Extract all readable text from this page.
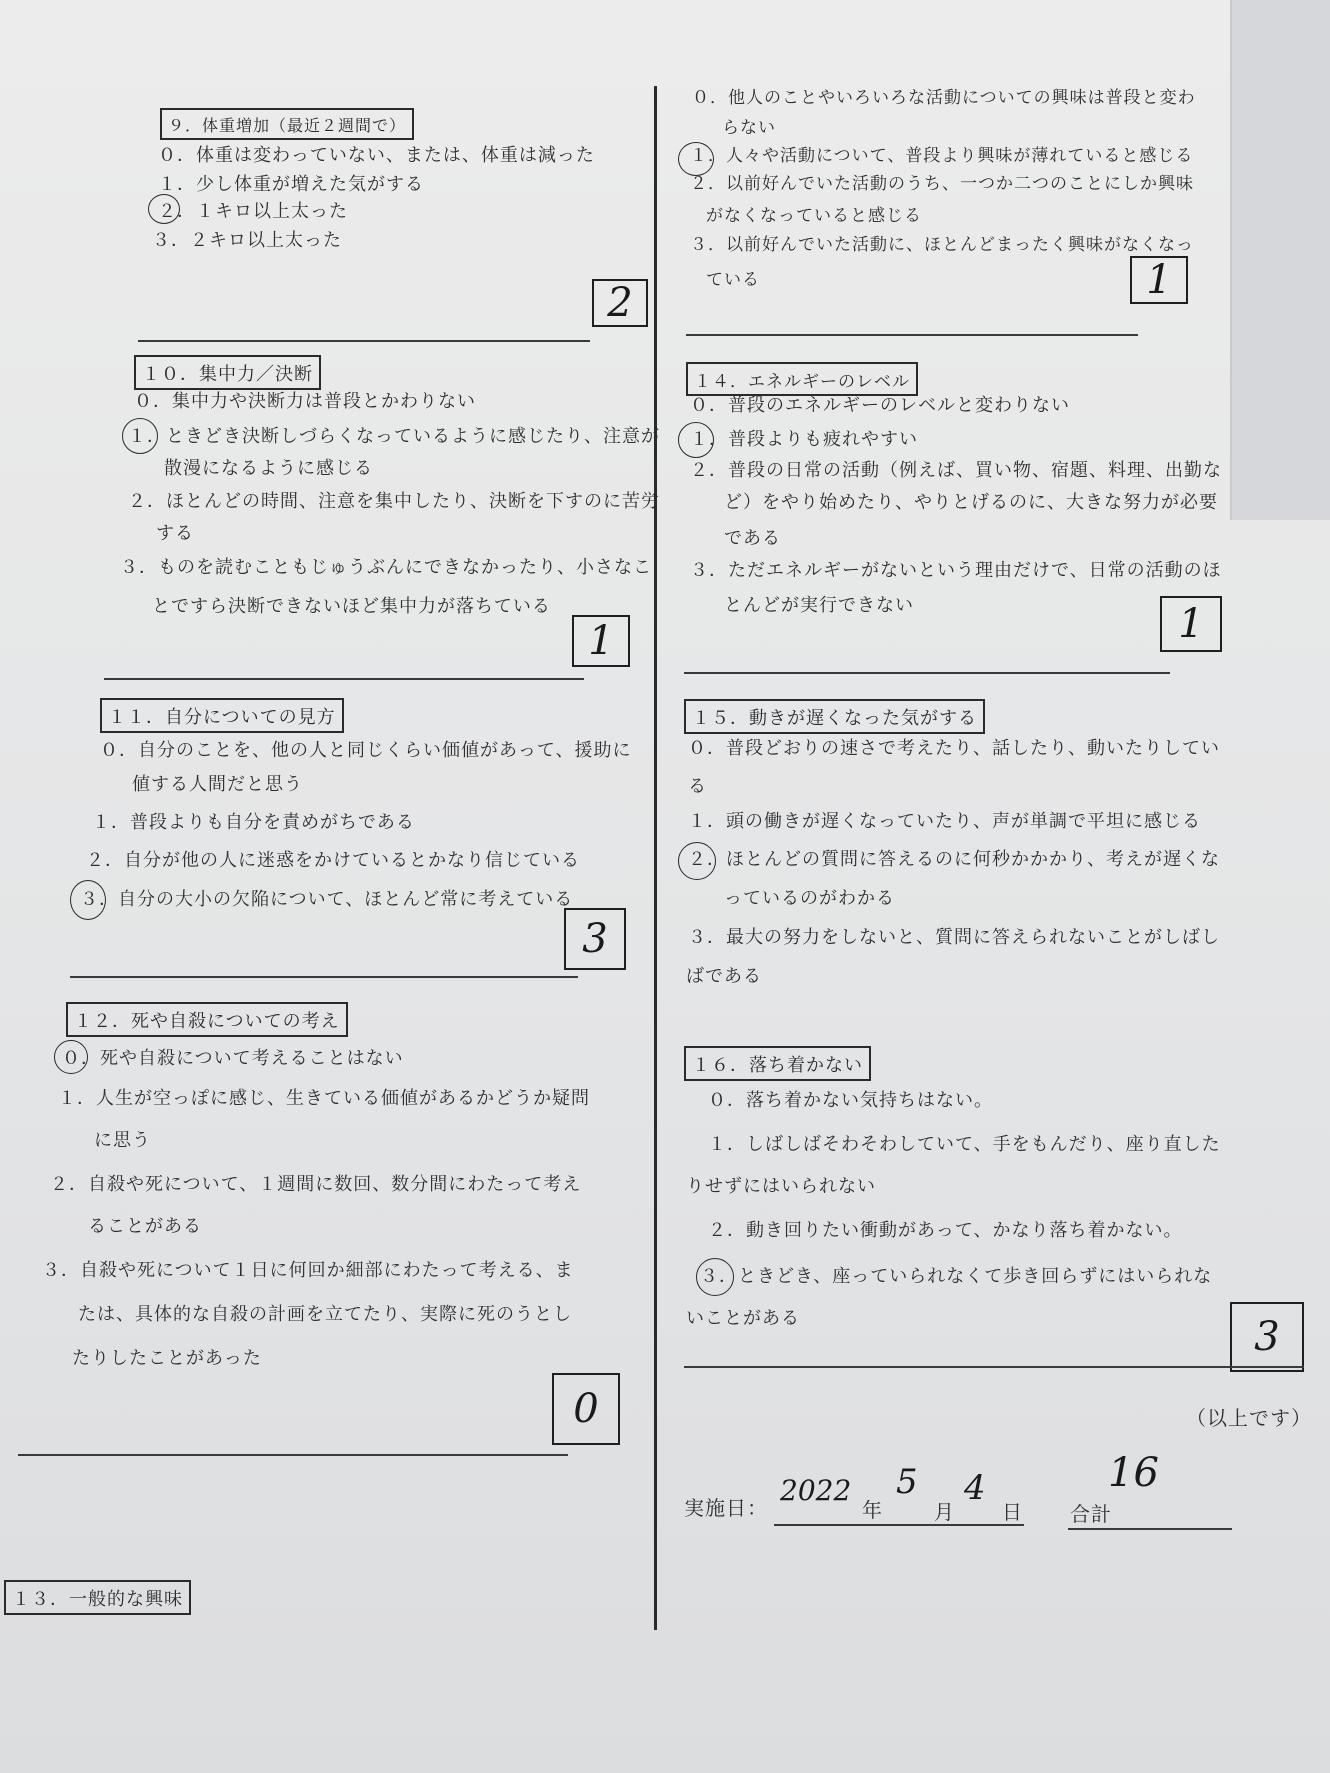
９．体重増加（最近２週間で）
０．体重は変わっていない、または、体重は減った
１．少し体重が増えた気がする
２．１キロ以上太った
３．２キロ以上太った
2
１０．集中力／決断
０．集中力や決断力は普段とかわりない
１．ときどき決断しづらくなっているように感じたり、注意が
散漫になるように感じる
２．ほとんどの時間、注意を集中したり、決断を下すのに苦労
する
３．ものを読むこともじゅうぶんにできなかったり、小さなこ
とですら決断できないほど集中力が落ちている
1
１１．自分についての見方
０．自分のことを、他の人と同じくらい価値があって、援助に
値する人間だと思う
１．普段よりも自分を責めがちである
２．自分が他の人に迷惑をかけているとかなり信じている
３．自分の大小の欠陥について、ほとんど常に考えている
3
１２．死や自殺についての考え
０．死や自殺について考えることはない
１．人生が空っぽに感じ、生きている価値があるかどうか疑問
に思う
２．自殺や死について、１週間に数回、数分間にわたって考え
ることがある
３．自殺や死について１日に何回か細部にわたって考える、ま
たは、具体的な自殺の計画を立てたり、実際に死のうとし
たりしたことがあった
0
１３．一般的な興味
０．他人のことやいろいろな活動についての興味は普段と変わ
らない
１．人々や活動について、普段より興味が薄れていると感じる
２．以前好んでいた活動のうち、一つか二つのことにしか興味
がなくなっていると感じる
３．以前好んでいた活動に、ほとんどまったく興味がなくなっ
ている	1
１４．エネルギーのレベル
０．普段のエネルギーのレベルと変わりない
１．普段よりも疲れやすい
２．普段の日常の活動（例えば、買い物、宿題、料理、出勤な
ど）をやり始めたり、やりとげるのに、大きな努力が必要
である
３．ただエネルギーがないという理由だけで、日常の活動のほ
とんどが実行できない	1
１５．動きが遅くなった気がする
０．普段どおりの速さで考えたり、話したり、動いたりしてい
る
１．頭の働きが遅くなっていたり、声が単調で平坦に感じる
２．ほとんどの質問に答えるのに何秒かかかり、考えが遅くな
っているのがわかる
３．最大の努力をしないと、質問に答えられないことがしばし
ばである
１６．落ち着かない
０．落ち着かない気持ちはない。
１．しばしばそわそわしていて、手をもんだり、座り直した
りせずにはいられない
２．動き回りたい衝動があって、かなり落ち着かない。
３．ときどき、座っていられなくて歩き回らずにはいられな
いことがある	3
（以上です）
実施日：
2022
年
5
月
4
日 合計
16
